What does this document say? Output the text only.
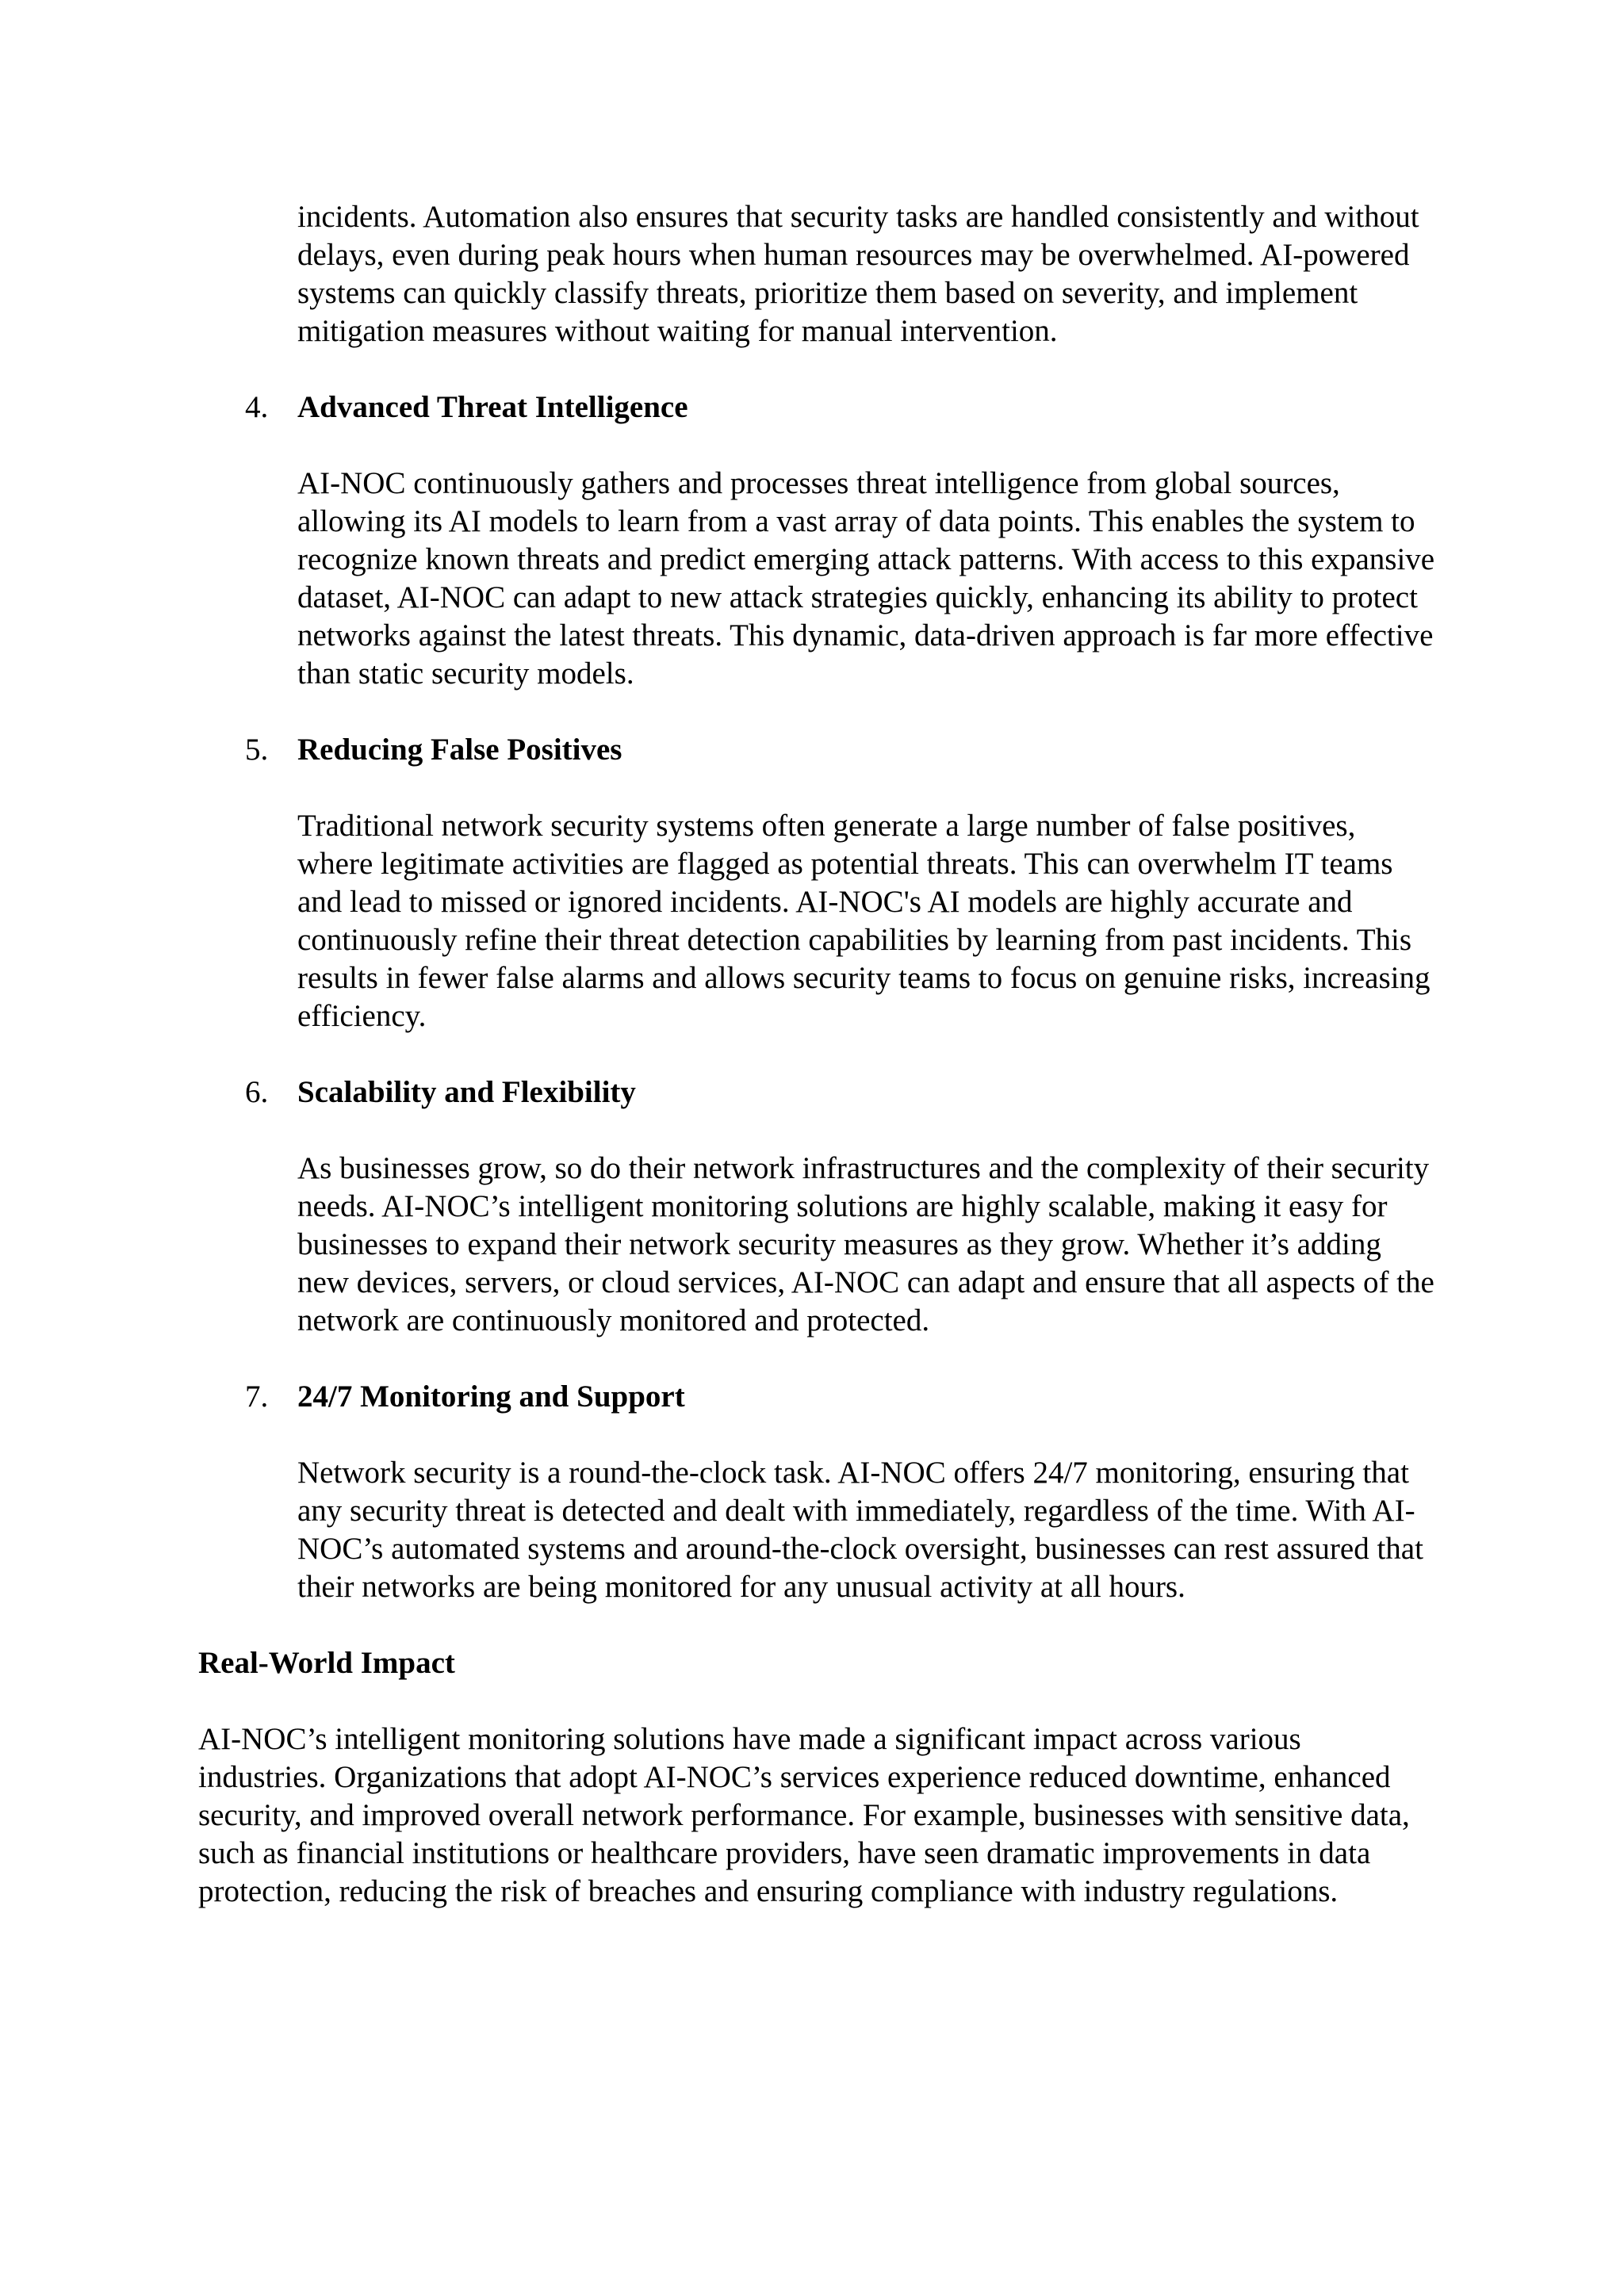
incidents. Automation also ensures that security tasks are handled consistently and without delays, even during peak hours when human resources may be overwhelmed. AI-powered systems can quickly classify threats, prioritize them based on severity, and implement mitigation measures without waiting for manual intervention.

4. Advanced Threat Intelligence

AI-NOC continuously gathers and processes threat intelligence from global sources, allowing its AI models to learn from a vast array of data points. This enables the system to recognize known threats and predict emerging attack patterns. With access to this expansive dataset, AI-NOC can adapt to new attack strategies quickly, enhancing its ability to protect networks against the latest threats. This dynamic, data-driven approach is far more effective than static security models.

5. Reducing False Positives

Traditional network security systems often generate a large number of false positives, where legitimate activities are flagged as potential threats. This can overwhelm IT teams and lead to missed or ignored incidents. AI-NOC's AI models are highly accurate and continuously refine their threat detection capabilities by learning from past incidents. This results in fewer false alarms and allows security teams to focus on genuine risks, increasing efficiency.

6. Scalability and Flexibility

As businesses grow, so do their network infrastructures and the complexity of their security needs. AI-NOC’s intelligent monitoring solutions are highly scalable, making it easy for businesses to expand their network security measures as they grow. Whether it’s adding new devices, servers, or cloud services, AI-NOC can adapt and ensure that all aspects of the network are continuously monitored and protected.

7. 24/7 Monitoring and Support

Network security is a round-the-clock task. AI-NOC offers 24/7 monitoring, ensuring that any security threat is detected and dealt with immediately, regardless of the time. With AI-NOC’s automated systems and around-the-clock oversight, businesses can rest assured that their networks are being monitored for any unusual activity at all hours.

Real-World Impact

AI-NOC’s intelligent monitoring solutions have made a significant impact across various industries. Organizations that adopt AI-NOC’s services experience reduced downtime, enhanced security, and improved overall network performance. For example, businesses with sensitive data, such as financial institutions or healthcare providers, have seen dramatic improvements in data protection, reducing the risk of breaches and ensuring compliance with industry regulations.
